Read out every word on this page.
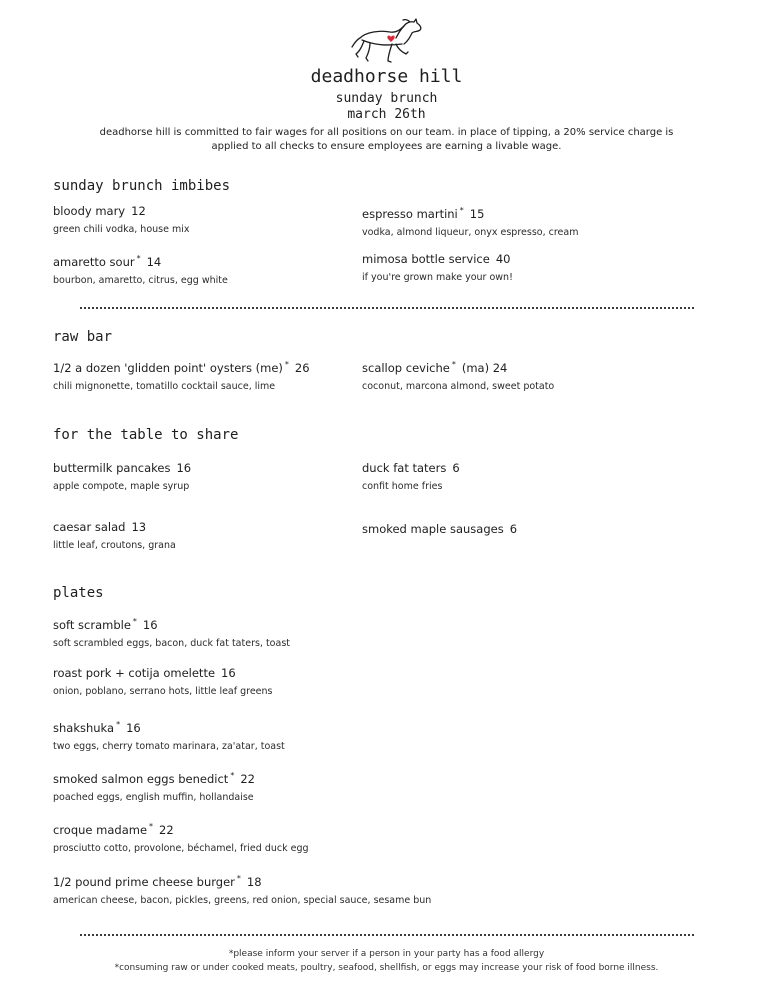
deadhorse hill
sunday brunch
march 26th
deadhorse hill is committed to fair wages for all positions on our team. in place of tipping, a 20% service charge is
applied to all checks to ensure employees are earning a livable wage.
sunday brunch imbibes
bloody mary 12
green chili vodka, house mix
espresso martini * 15
vodka, almond liqueur, onyx espresso, cream
amaretto sour * 14
bourbon, amaretto, citrus, egg white
mimosa bottle service 40
if you're grown make your own!
raw bar
1/2 a dozen 'glidden point' oysters (me) * 26
chili mignonette, tomatillo cocktail sauce, lime
scallop ceviche * (ma) 24
coconut, marcona almond, sweet potato
for the table to share
buttermilk pancakes 16
apple compote, maple syrup
duck fat taters 6
confit home fries
caesar salad 13
little leaf, croutons, grana
smoked maple sausages 6
plates
soft scramble * 16
soft scrambled eggs, bacon, duck fat taters, toast
roast pork + cotija omelette 16
onion, poblano, serrano hots, little leaf greens
shakshuka * 16
two eggs, cherry tomato marinara, za'atar, toast
smoked salmon eggs benedict * 22
poached eggs, english muffin, hollandaise
croque madame * 22
prosciutto cotto, provolone, béchamel, fried duck egg
1/2 pound prime cheese burger * 18
american cheese, bacon, pickles, greens, red onion, special sauce, sesame bun
*please inform your server if a person in your party has a food allergy
*consuming raw or under cooked meats, poultry, seafood, shellfish, or eggs may increase your risk of food borne illness.
